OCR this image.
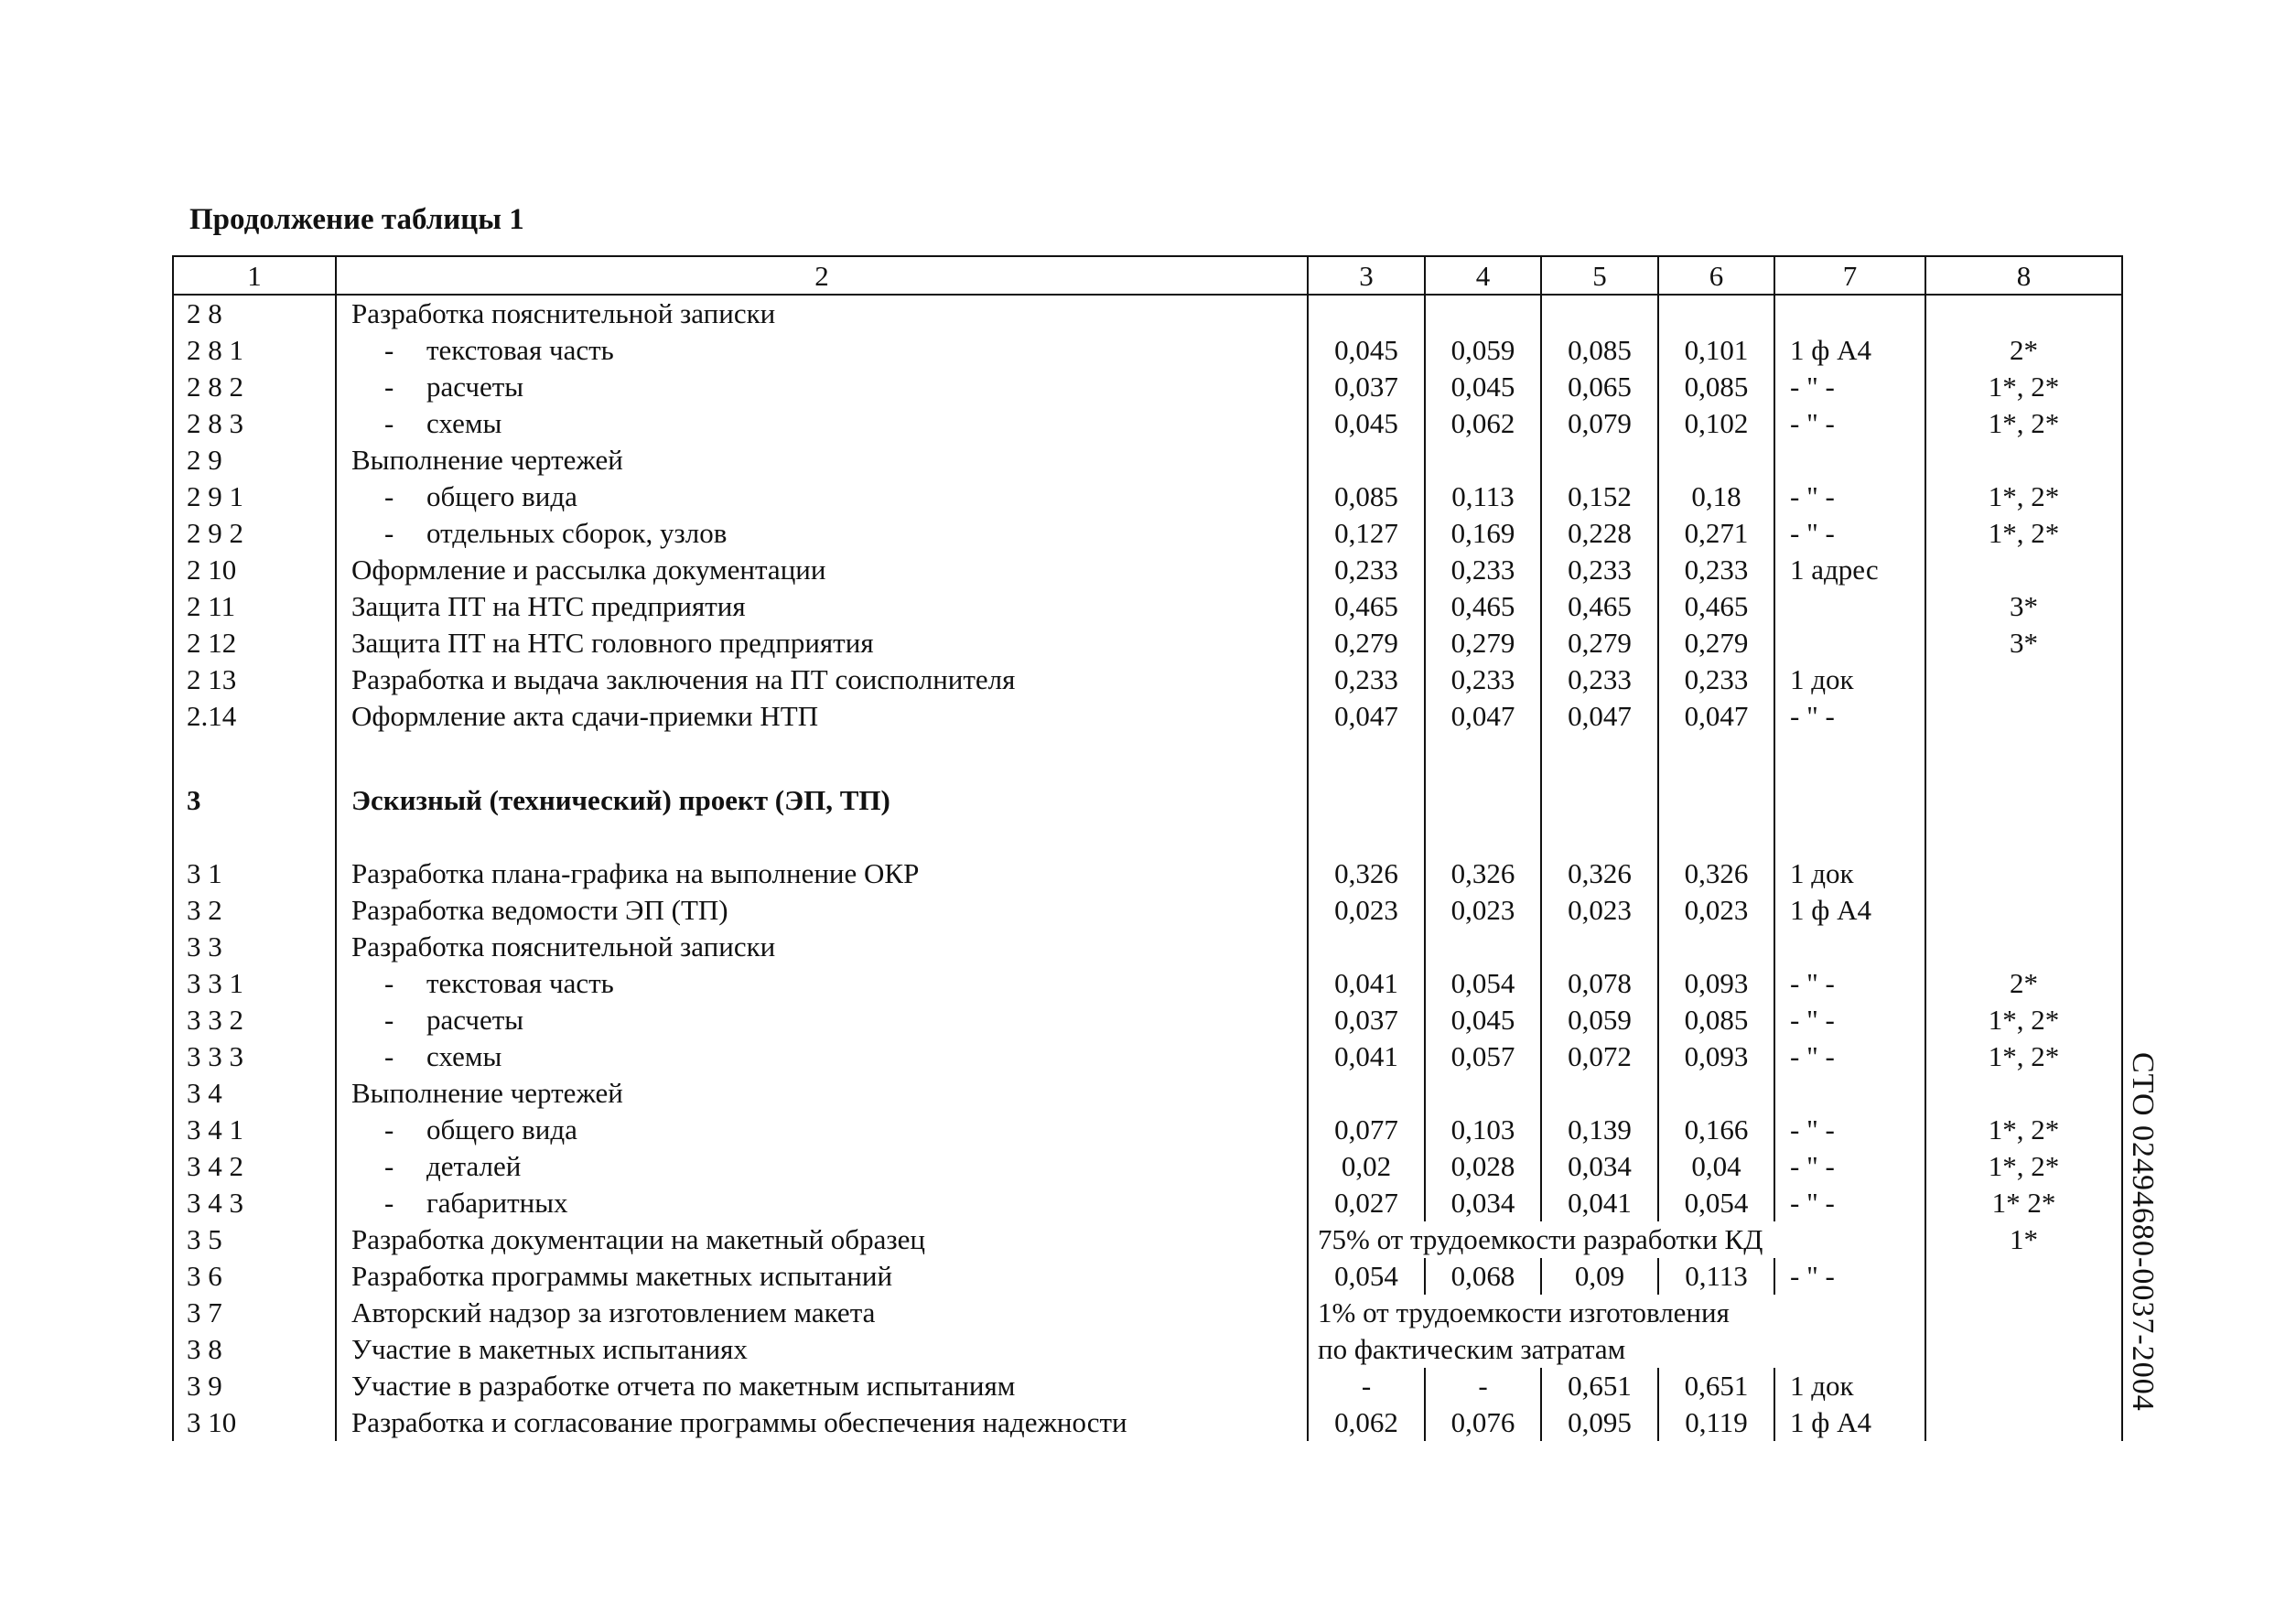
Продолжение таблицы 1
1	2	3	4	5	6	7	8
2 8	Разработка пояснительной записки						
2 8 1	- текстовая часть	0,045	0,059	0,085	0,101	1 ф А4	2*
2 8 2	- расчеты	0,037	0,045	0,065	0,085	- " -	1*, 2*
2 8 3	- схемы	0,045	0,062	0,079	0,102	- " -	1*, 2*
2 9	Выполнение чертежей						
2 9 1	- общего вида	0,085	0,113	0,152	0,18	- " -	1*, 2*
2 9 2	- отдельных сборок, узлов	0,127	0,169	0,228	0,271	- " -	1*, 2*
2 10	Оформление и рассылка документации	0,233	0,233	0,233	0,233	1 адрес	
2 11	Защита ПТ на НТС предприятия	0,465	0,465	0,465	0,465		3*
2 12	Защита ПТ на НТС головного предприятия	0,279	0,279	0,279	0,279		3*
2 13	Разработка и выдача заключения на ПТ соисполнителя	0,233	0,233	0,233	0,233	1 док	
2.14	Оформление акта сдачи-приемки НТП	0,047	0,047	0,047	0,047	- " -	

3	Эскизный (технический) проект (ЭП, ТП)						

3 1	Разработка плана-графика на выполнение ОКР	0,326	0,326	0,326	0,326	1 док	
3 2	Разработка ведомости ЭП (ТП)	0,023	0,023	0,023	0,023	1 ф А4	
3 3	Разработка пояснительной записки						
3 3 1	- текстовая часть	0,041	0,054	0,078	0,093	- " -	2*
3 3 2	- расчеты	0,037	0,045	0,059	0,085	- " -	1*, 2*
3 3 3	- схемы	0,041	0,057	0,072	0,093	- " -	1*, 2*
3 4	Выполнение чертежей						
3 4 1	- общего вида	0,077	0,103	0,139	0,166	- " -	1*, 2*
3 4 2	- деталей	0,02	0,028	0,034	0,04	- " -	1*, 2*
3 4 3	- габаритных	0,027	0,034	0,041	0,054	- " -	1* 2*
3 5	Разработка документации на макетный образец	75% от трудоемкости разработки КД					1*
3 6	Разработка программы макетных испытаний	0,054	0,068	0,09	0,113	- " -	
3 7	Авторский надзор за изготовлением макета	1% от трудоемкости изготовления					
3 8	Участие в макетных испытаниях	по фактическим затратам					
3 9	Участие в разработке отчета по макетным испытаниям	-	-	0,651	0,651	1 док	
3 10	Разработка и согласование программы обеспечения надежности	0,062	0,076	0,095	0,119	1 ф А4	
СТО 02494680-0037-2004
